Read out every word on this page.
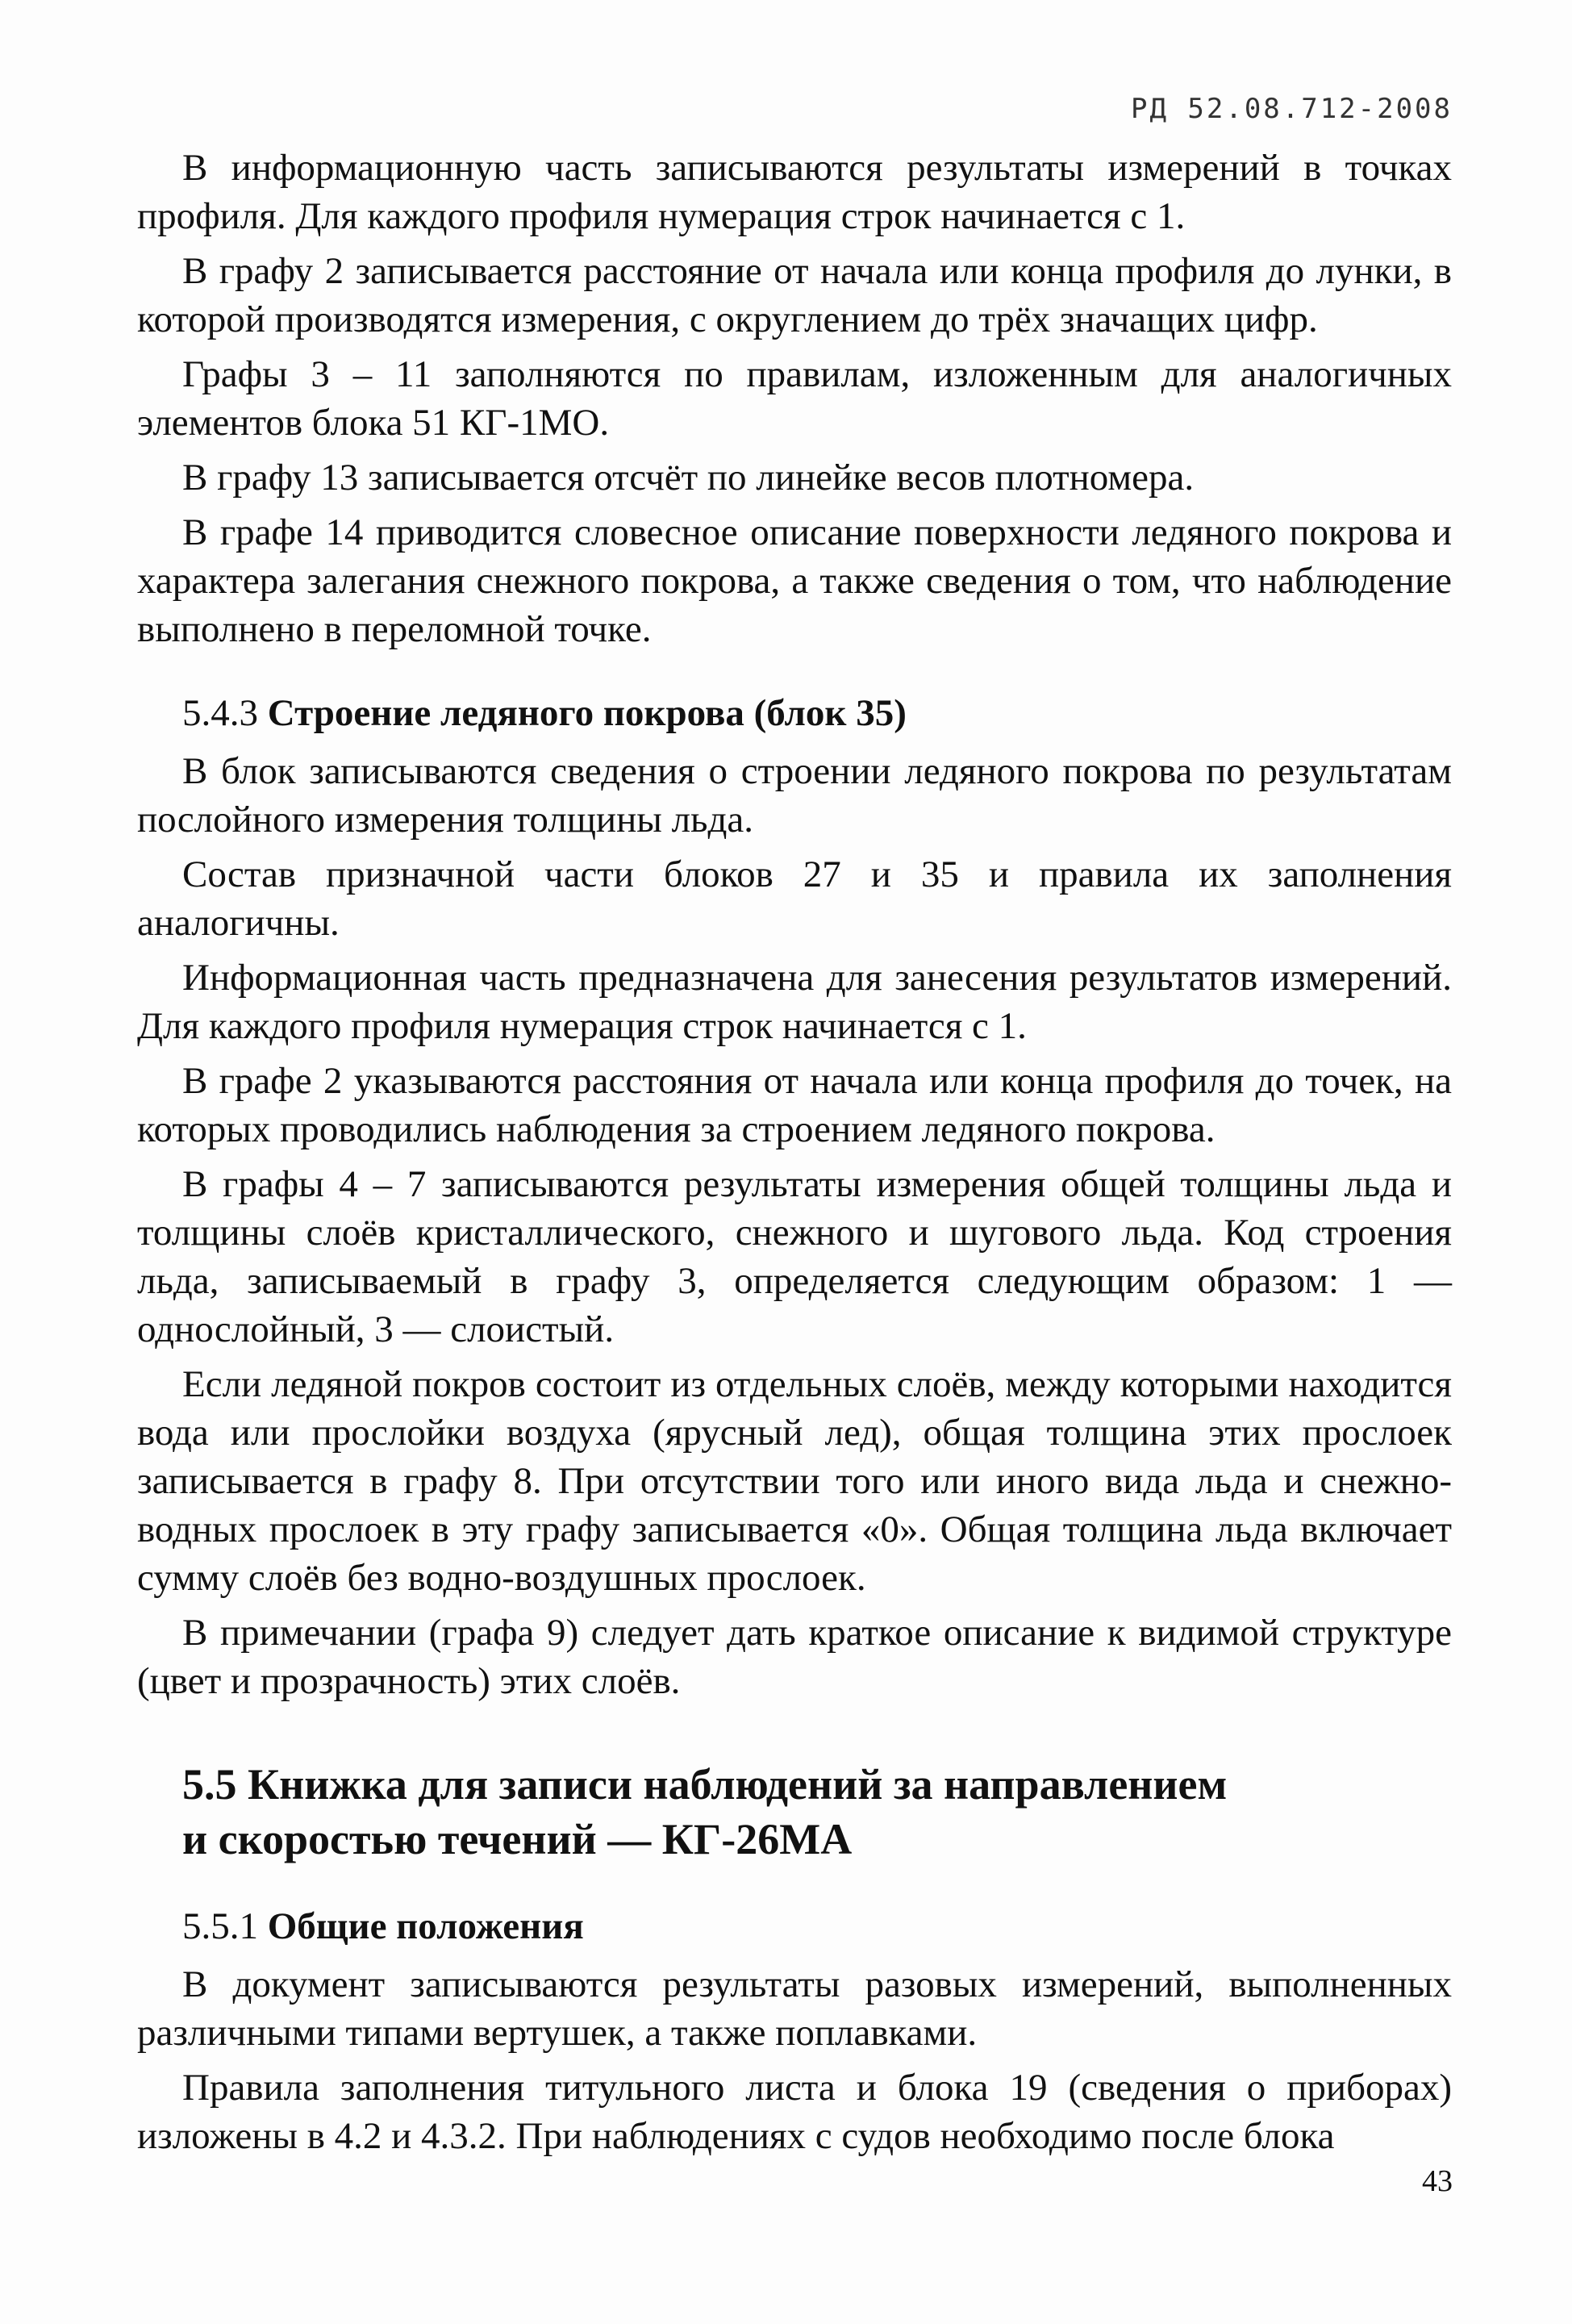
РД 52.08.712-2008

В информационную часть записываются результаты измерений в точках профиля. Для каждого профиля нумерация строк начинается с 1.

В графу 2 записывается расстояние от начала или конца профиля до лунки, в которой производятся измерения, с округлением до трёх значащих цифр.

Графы 3 – 11 заполняются по правилам, изложенным для аналогичных элементов блока 51 КГ-1МО.

В графу 13 записывается отсчёт по линейке весов плотномера.

В графе 14 приводится словесное описание поверхности ледяного покрова и характера залегания снежного покрова, а также сведения о том, что наблюдение выполнено в переломной точке.

5.4.3 Строение ледяного покрова (блок 35)

В блок записываются сведения о строении ледяного покрова по результатам послойного измерения толщины льда.

Состав призначной части блоков 27 и 35 и правила их заполнения аналогичны.

Информационная часть предназначена для занесения результатов измерений. Для каждого профиля нумерация строк начинается с 1.

В графе 2 указываются расстояния от начала или конца профиля до точек, на которых проводились наблюдения за строением ледяного покрова.

В графы 4 – 7 записываются результаты измерения общей толщины льда и толщины слоёв кристаллического, снежного и шугового льда. Код строения льда, записываемый в графу 3, определяется следующим образом: 1 — однослойный, 3 — слоистый.

Если ледяной покров состоит из отдельных слоёв, между которыми находится вода или прослойки воздуха (ярусный лед), общая толщина этих прослоек записывается в графу 8. При отсутствии того или иного вида льда и снежно-водных прослоек в эту графу записывается «0». Общая толщина льда включает сумму слоёв без водно-воздушных прослоек.

В примечании (графа 9) следует дать краткое описание к видимой структуре (цвет и прозрачность) этих слоёв.

5.5 Книжка для записи наблюдений за направлением
и скоростью течений — КГ-26МА
5.5.1 Общие положения

В документ записываются результаты разовых измерений, выполненных различными типами вертушек, а также поплавками.

Правила заполнения титульного листа и блока 19 (сведения о приборах) изложены в 4.2 и 4.3.2. При наблюдениях с судов необходимо после блока

43
